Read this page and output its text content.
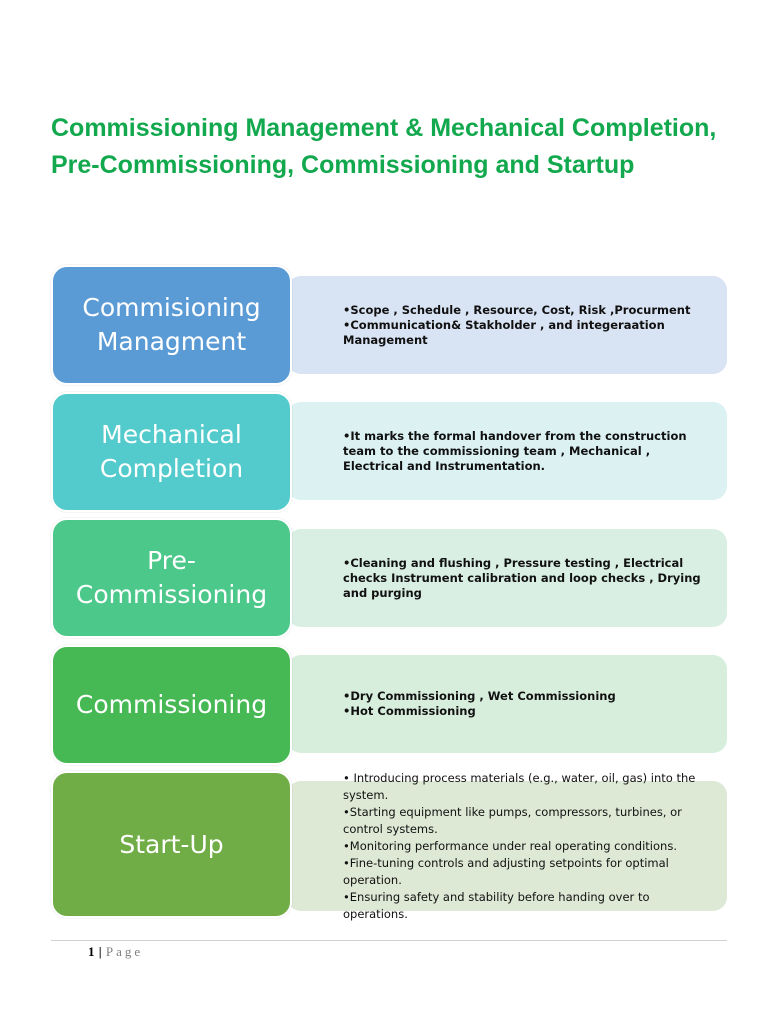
Commissioning Management & Mechanical Completion, Pre-Commissioning, Commissioning and Startup
•Scope , Schedule , Resource, Cost, Risk ,Procurment
•Communication& Stakholder , and integeraation Management
Commisioning Managment
•It marks the formal handover from the construction team to the commissioning team , Mechanical , Electrical and Instrumentation.
Mechanical Completion
•Cleaning and flushing , Pressure testing , Electrical checks Instrument calibration and loop checks , Drying and purging
Pre-Commissioning
•Dry Commissioning , Wet Commissioning
•Hot Commissioning
Commissioning
• Introducing process materials (e.g., water, oil, gas) into the system.
•Starting equipment like pumps, compressors, turbines, or control systems.
•Monitoring performance under real operating conditions.
•Fine-tuning controls and adjusting setpoints for optimal operation.
•Ensuring safety and stability before handing over to operations.
Start-Up
1 | Page
